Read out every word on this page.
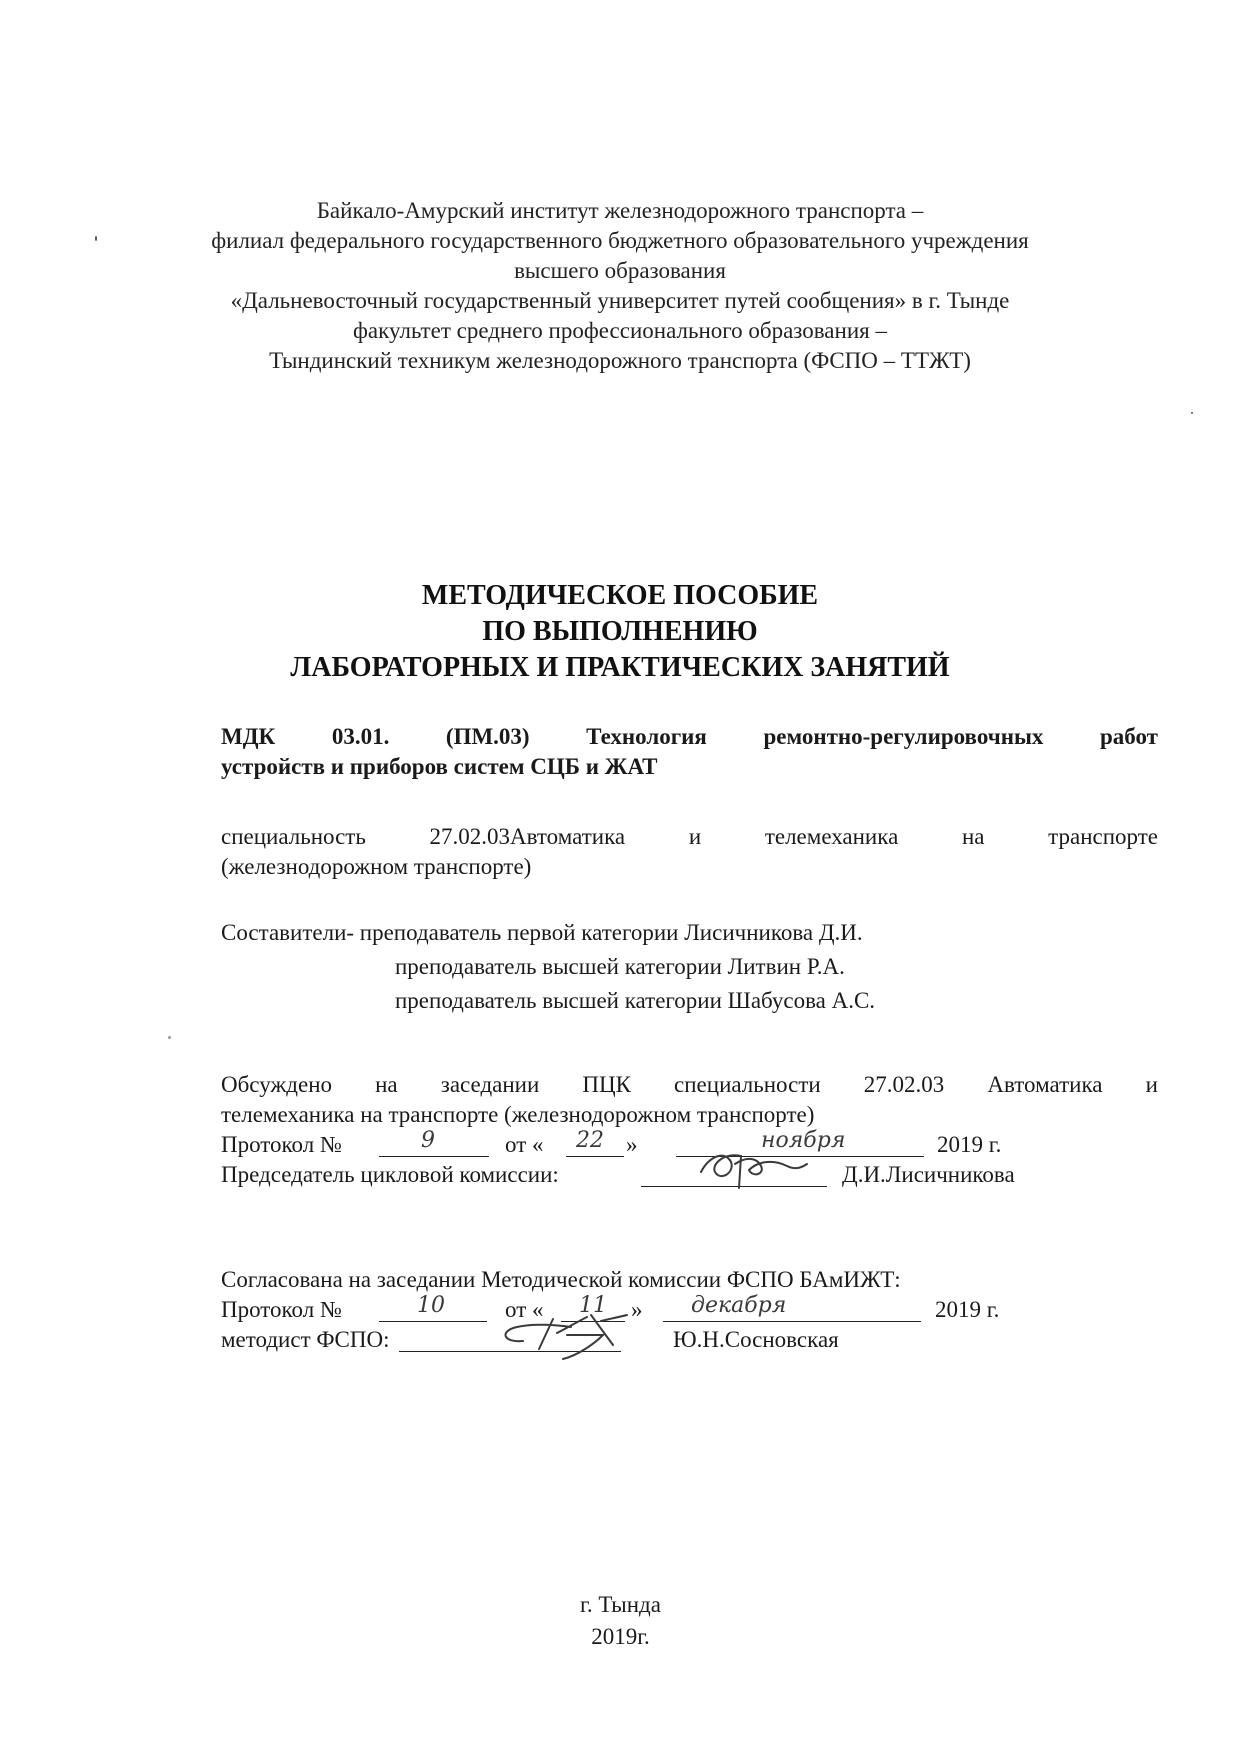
Байкало-Амурский институт железнодорожного транспорта –
филиал федерального государственного бюджетного образовательного учреждения
высшего образования
«Дальневосточный государственный университет путей сообщения» в г. Тынде
факультет среднего профессионального образования –
Тындинский техникум железнодорожного транспорта (ФСПО – ТТЖТ)
МЕТОДИЧЕСКОЕ ПОСОБИЕ
ПО ВЫПОЛНЕНИЮ
ЛАБОРАТОРНЫХ И ПРАКТИЧЕСКИХ ЗАНЯТИЙ
МДК 03.01. (ПМ.03) Технология ремонтно-регулировочных работ
устройств и приборов систем СЦБ и ЖАТ
специальность	27.02.03Автоматика	и	телемеханика	на	транспорте
(железнодорожном транспорте)
Составители- преподаватель первой категории Лисичникова Д.И.
преподаватель высшей категории Литвин Р.А.
преподаватель высшей категории Шабусова А.С.
Обсуждено на заседании ПЦК специальности 27.02.03 Автоматика и
телемеханика на транспорте (железнодорожном транспорте)
Протокол №	9	от « 22 »	ноября	2019 г.
Председатель цикловой комиссии:	Д.И.Лисичникова
Согласована на заседании Методической комиссии ФСПО БАмИЖТ:
Протокол №	10	от « 11 » декабря	2019 г.
методист ФСПО:	Ю.Н.Сосновская
г. Тында
2019г.
